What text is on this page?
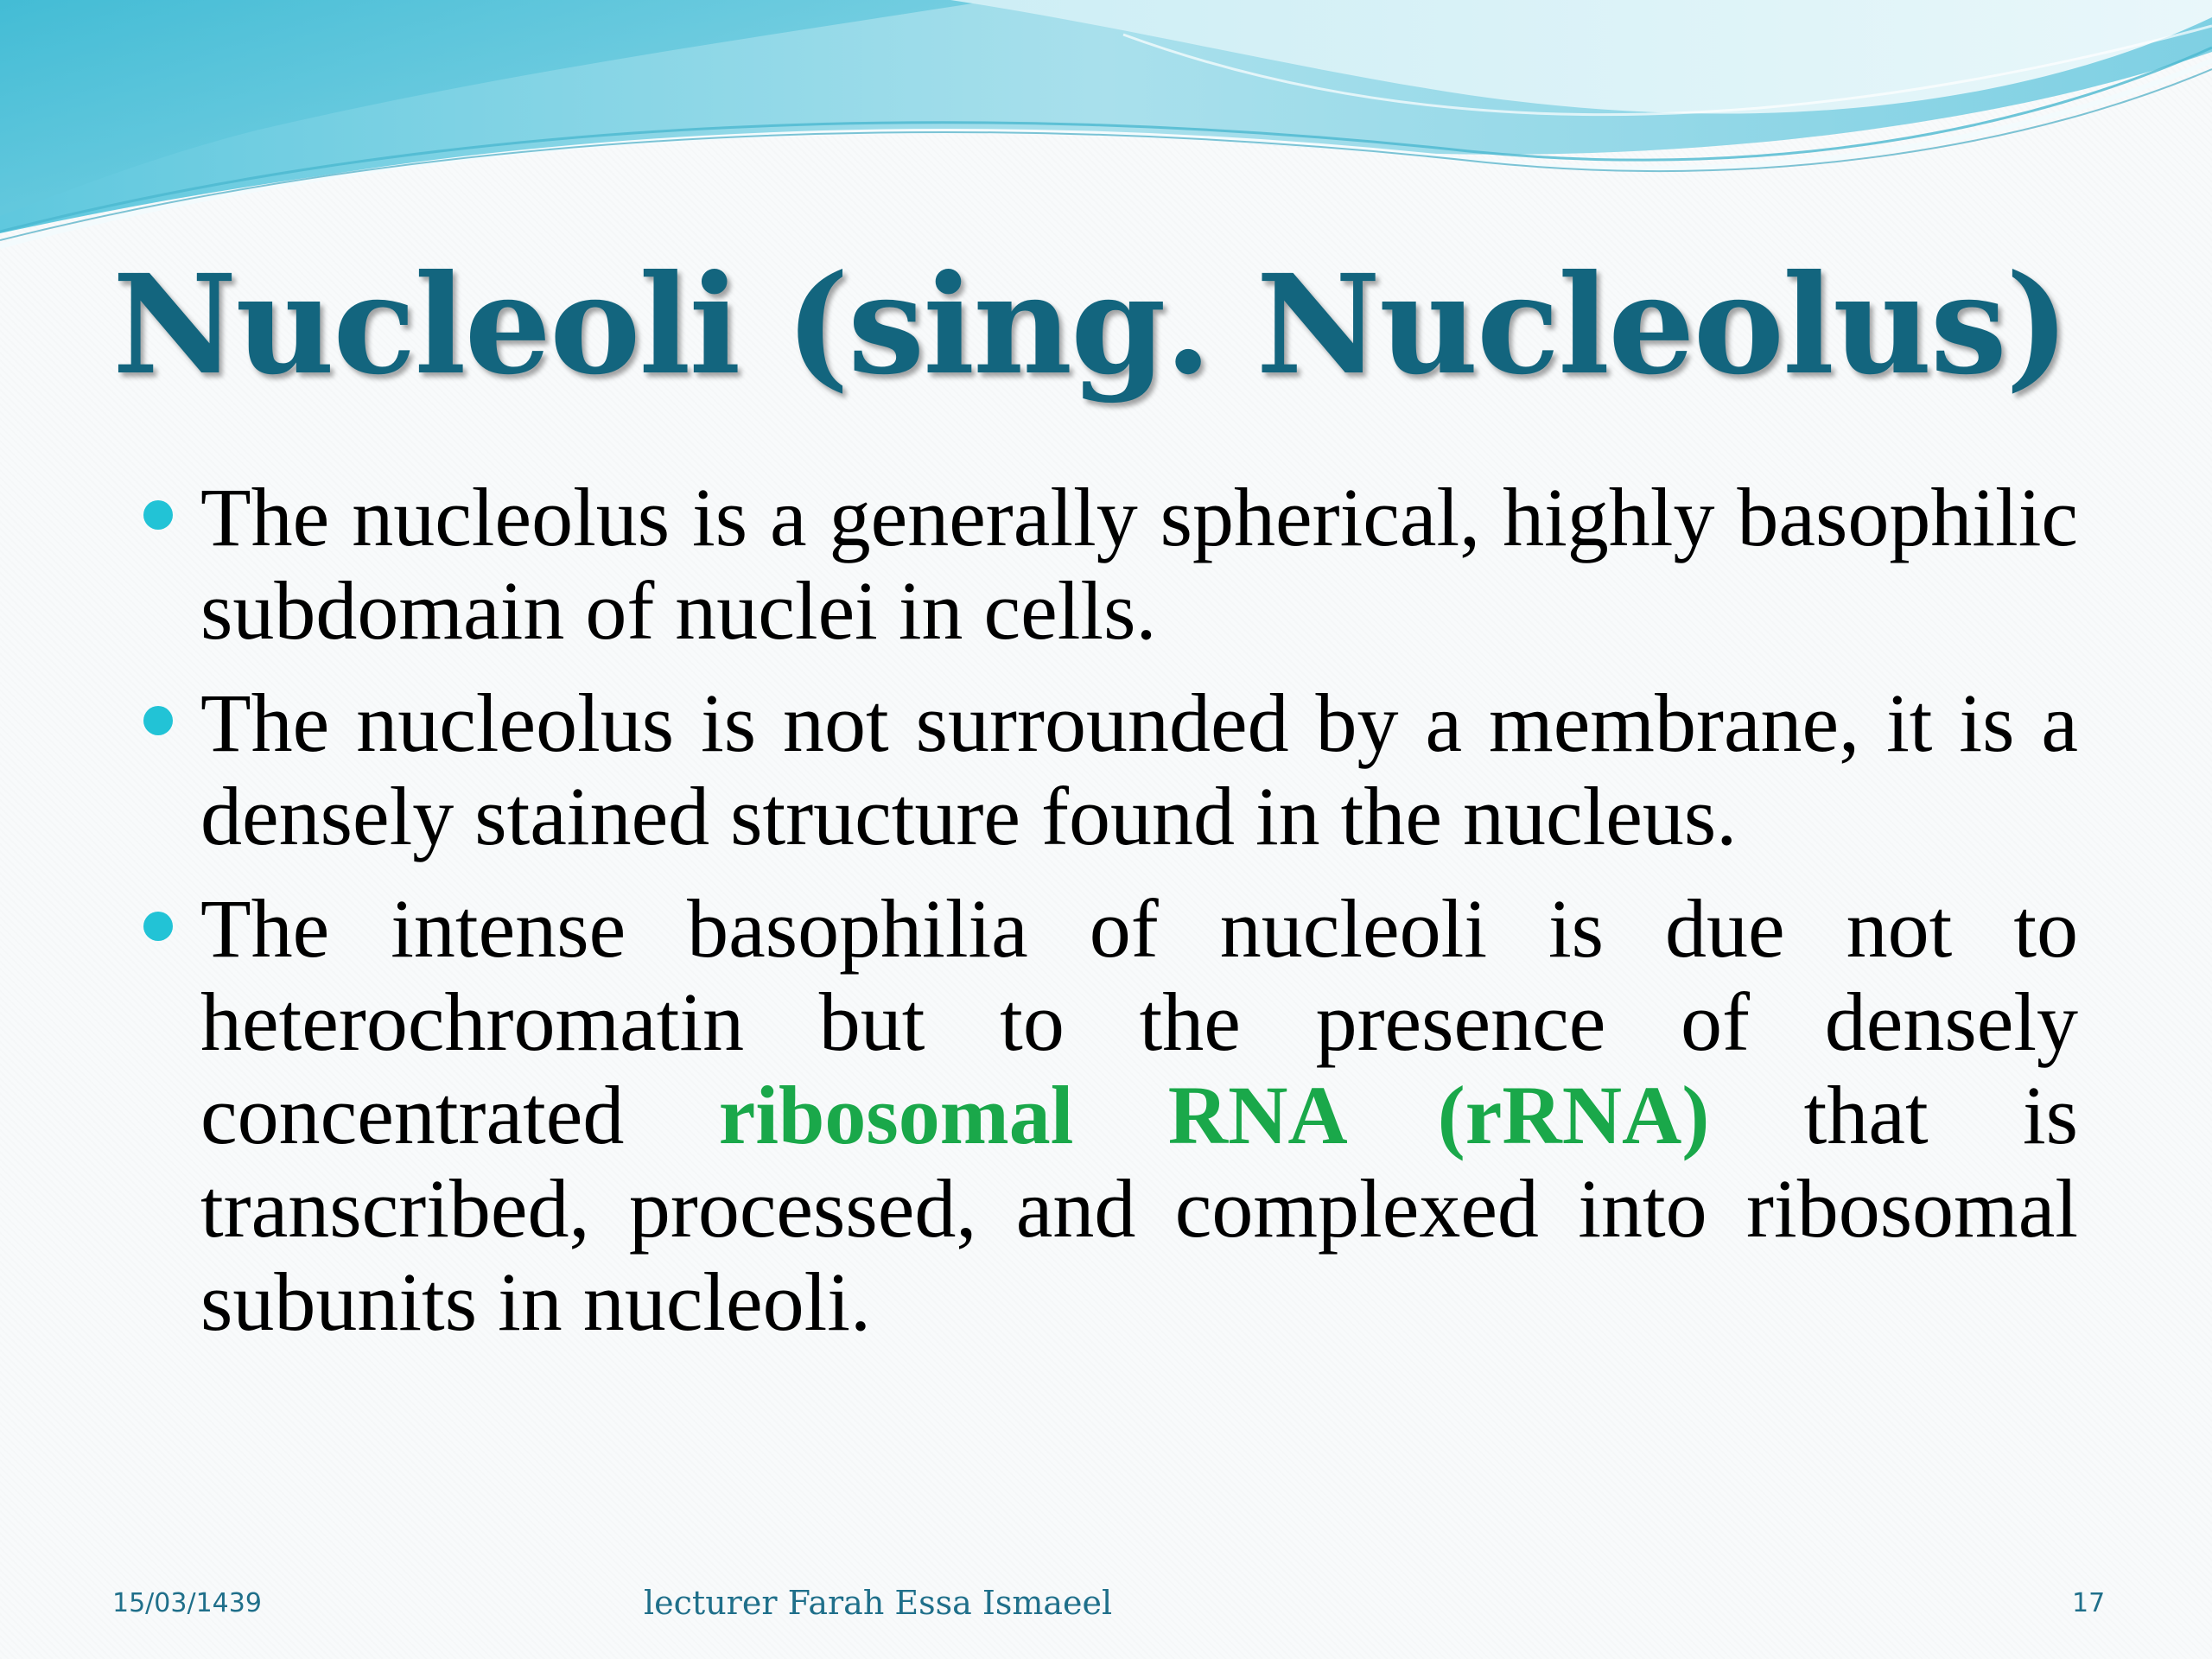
Nucleoli (sing. Nucleolus)
The nucleolus is a generally spherical, highly basophilic subdomain of nuclei in cells.
The nucleolus is not surrounded by a membrane, it is a densely stained structure found in the nucleus.
The intense basophilia of nucleoli is due not to heterochromatin but to the presence of densely concentrated ribosomal RNA (rRNA) that is transcribed, processed, and complexed into ribosomal subunits in nucleoli.
15/03/1439	lecturer Farah Essa Ismaeel	17
